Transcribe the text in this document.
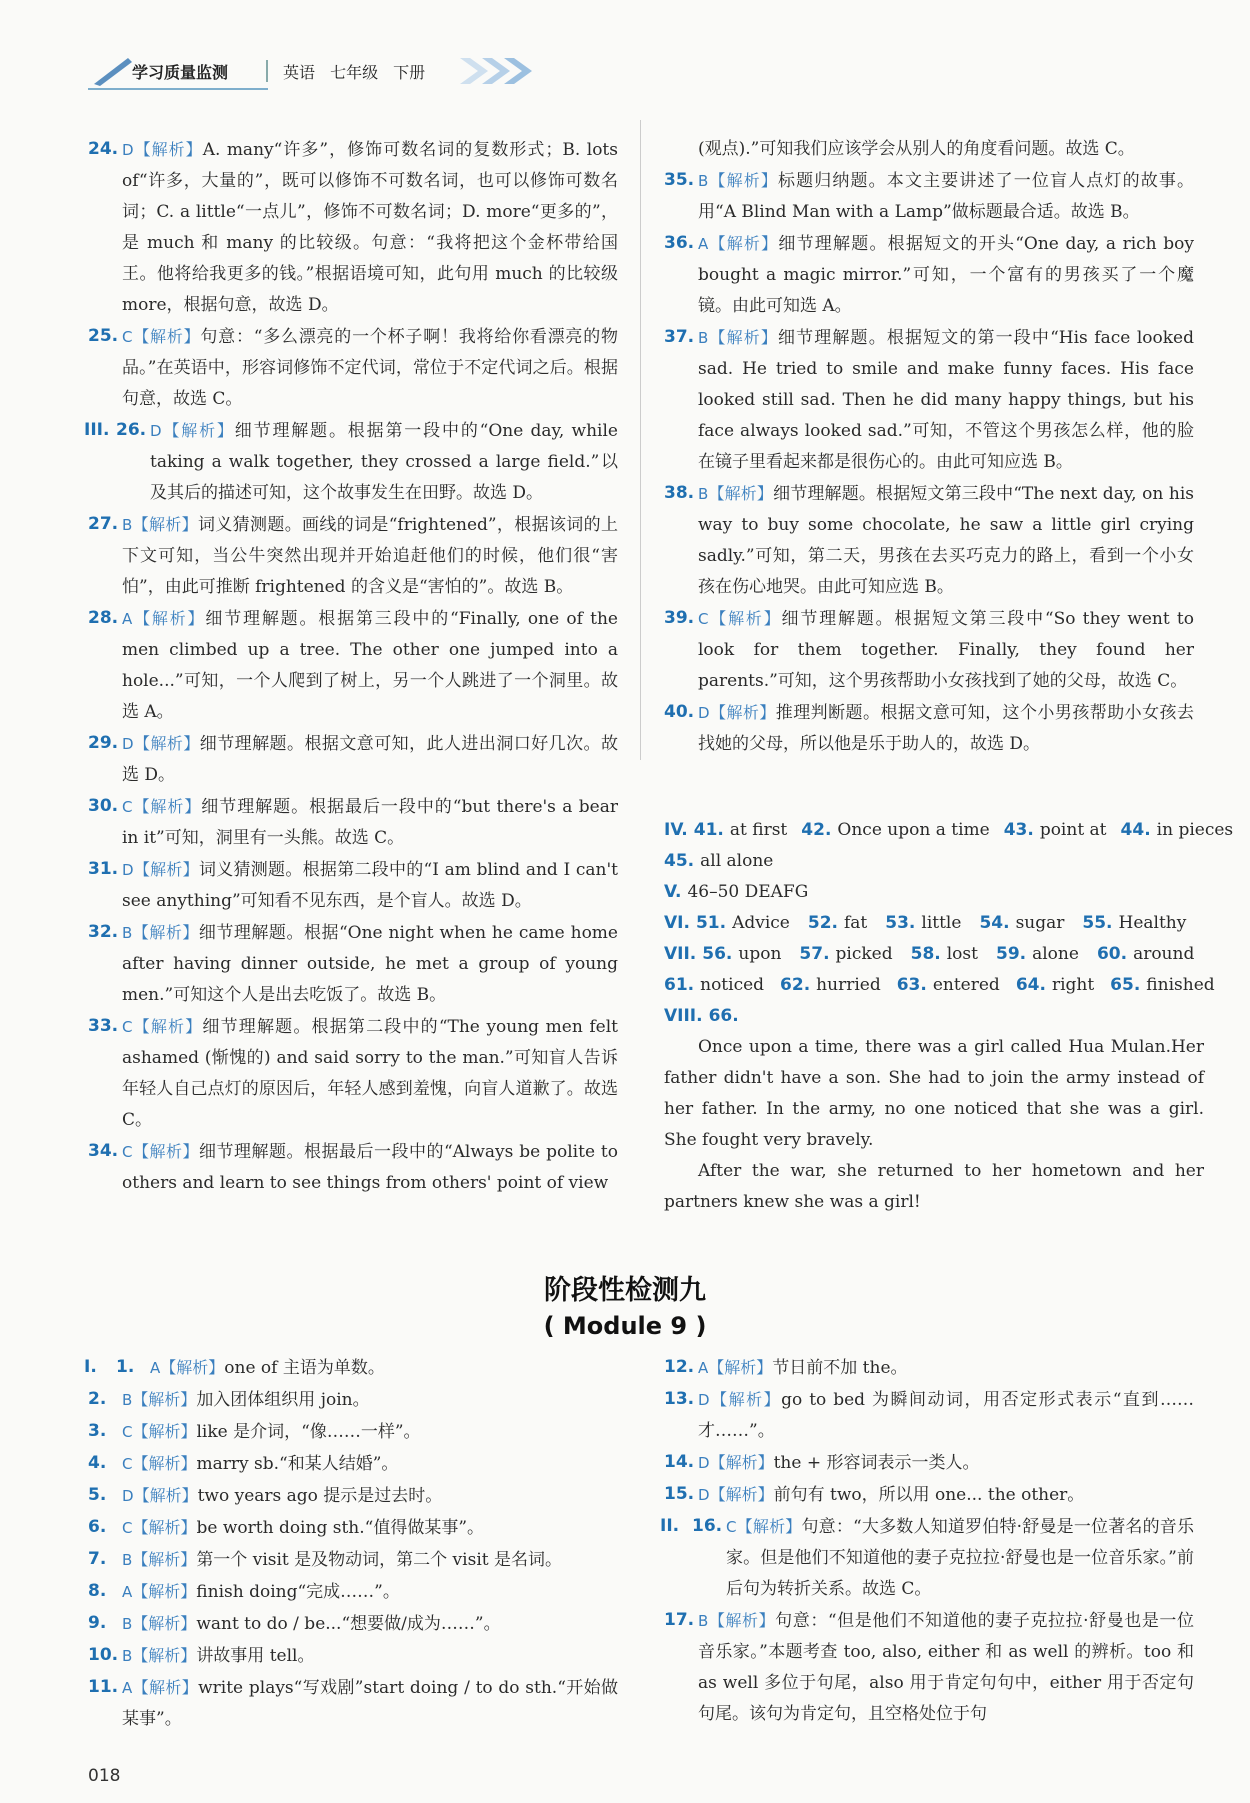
学习质量监测	英语 七年级 下册
24. D【解析】A. many“许多”，修饰可数名词的复数形式；B. lots of“许多，大量的”，既可以修饰不可数名词，也可以修饰可数名词；C. a little“一点儿”，修饰不可数名词；D. more“更多的”，是 much 和 many 的比较级。句意：“我将把这个金杯带给国王。他将给我更多的钱。”根据语境可知，此句用 much 的比较级 more，根据句意，故选 D。
25. C【解析】句意：“多么漂亮的一个杯子啊！我将给你看漂亮的物品。”在英语中，形容词修饰不定代词，常位于不定代词之后。根据句意，故选 C。
III. 26. D【解析】细节理解题。根据第一段中的“One day, while taking a walk together, they crossed a large field.”以及其后的描述可知，这个故事发生在田野。故选 D。
27. B【解析】词义猜测题。画线的词是“frightened”，根据该词的上下文可知，当公牛突然出现并开始追赶他们的时候，他们很“害怕”，由此可推断 frightened 的含义是“害怕的”。故选 B。
28. A【解析】细节理解题。根据第三段中的“Finally, one of the men climbed up a tree. The other one jumped into a hole...”可知，一个人爬到了树上，另一个人跳进了一个洞里。故选 A。
29. D【解析】细节理解题。根据文意可知，此人进出洞口好几次。故选 D。
30. C【解析】细节理解题。根据最后一段中的“but there's a bear in it”可知，洞里有一头熊。故选 C。
31. D【解析】词义猜测题。根据第二段中的“I am blind and I can't see anything”可知看不见东西，是个盲人。故选 D。
32. B【解析】细节理解题。根据“One night when he came home after having dinner outside, he met a group of young men.”可知这个人是出去吃饭了。故选 B。
33. C【解析】细节理解题。根据第二段中的“The young men felt ashamed (惭愧的) and said sorry to the man.”可知盲人告诉年轻人自己点灯的原因后，年轻人感到羞愧，向盲人道歉了。故选 C。
34. C【解析】细节理解题。根据最后一段中的“Always be polite to others and learn to see things from others' point of view
(观点).”可知我们应该学会从别人的角度看问题。故选 C。
35. B【解析】标题归纳题。本文主要讲述了一位盲人点灯的故事。用“A Blind Man with a Lamp”做标题最合适。故选 B。
36. A【解析】细节理解题。根据短文的开头“One day, a rich boy bought a magic mirror.”可知，一个富有的男孩买了一个魔镜。由此可知选 A。
37. B【解析】细节理解题。根据短文的第一段中“His face looked sad. He tried to smile and make funny faces. His face looked still sad. Then he did many happy things, but his face always looked sad.”可知，不管这个男孩怎么样，他的脸在镜子里看起来都是很伤心的。由此可知应选 B。
38. B【解析】细节理解题。根据短文第三段中“The next day, on his way to buy some chocolate, he saw a little girl crying sadly.”可知，第二天，男孩在去买巧克力的路上，看到一个小女孩在伤心地哭。由此可知应选 B。
39. C【解析】细节理解题。根据短文第三段中“So they went to look for them together. Finally, they found her parents.”可知，这个男孩帮助小女孩找到了她的父母，故选 C。
40. D【解析】推理判断题。根据文意可知，这个小男孩帮助小女孩去找她的父母，所以他是乐于助人的，故选 D。
IV. 41. at first 42. Once upon a time 43. point at 44. in pieces
45. all alone
V. 46–50 DEAFG
VI. 51. Advice 52. fat 53. little 54. sugar 55. Healthy
VII. 56. upon 57. picked 58. lost 59. alone 60. around
61. noticed 62. hurried 63. entered 64. right 65. finished
VIII. 66.
Once upon a time, there was a girl called Hua Mulan.Her father didn't have a son. She had to join the army instead of her father. In the army, no one noticed that she was a girl. She fought very bravely.
After the war, she returned to her hometown and her partners knew she was a girl!
阶段性检测九
( Module 9 )
I. 1. A【解析】one of 主语为单数。
2. B【解析】加入团体组织用 join。
3. C【解析】like 是介词，“像……一样”。
4. C【解析】marry sb.“和某人结婚”。
5. D【解析】two years ago 提示是过去时。
6. C【解析】be worth doing sth.“值得做某事”。
7. B【解析】第一个 visit 是及物动词，第二个 visit 是名词。
8. A【解析】finish doing“完成……”。
9. B【解析】want to do / be...“想要做/成为……”。
10. B【解析】讲故事用 tell。
11. A【解析】write plays“写戏剧”start doing / to do sth.“开始做某事”。
12. A【解析】节日前不加 the。
13. D【解析】go to bed 为瞬间动词，用否定形式表示“直到……才……”。
14. D【解析】the + 形容词表示一类人。
15. D【解析】前句有 two，所以用 one... the other。
II. 16. C【解析】句意：“大多数人知道罗伯特·舒曼是一位著名的音乐家。但是他们不知道他的妻子克拉拉·舒曼也是一位音乐家。”前后句为转折关系。故选 C。
17. B【解析】句意：“但是他们不知道他的妻子克拉拉·舒曼也是一位音乐家。”本题考查 too, also, either 和 as well 的辨析。too 和 as well 多位于句尾，also 用于肯定句句中，either 用于否定句句尾。该句为肯定句，且空格处位于句
018
